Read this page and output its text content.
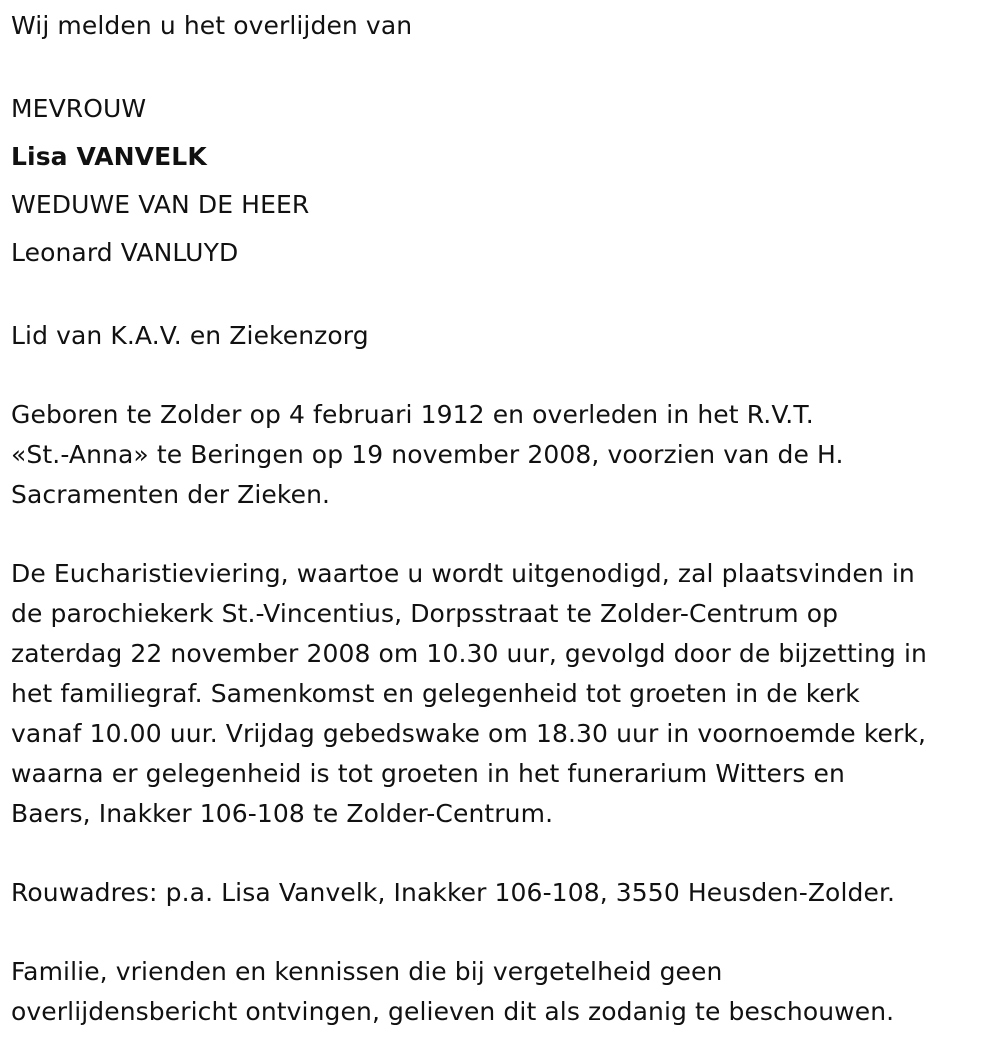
Wij melden u het overlijden van
MEVROUW
Lisa VANVELK
WEDUWE VAN DE HEER
Leonard VANLUYD
Lid van K.A.V. en Ziekenzorg
Geboren te Zolder op 4 februari 1912 en overleden in het R.V.T.
«St.-Anna» te Beringen op 19 november 2008, voorzien van de H.
Sacramenten der Zieken.
De Eucharistieviering, waartoe u wordt uitgenodigd, zal plaatsvinden in
de parochiekerk St.-Vincentius, Dorpsstraat te Zolder-Centrum op
zaterdag 22 november 2008 om 10.30 uur, gevolgd door de bijzetting in
het familiegraf. Samenkomst en gelegenheid tot groeten in de kerk
vanaf 10.00 uur. Vrijdag gebedswake om 18.30 uur in voornoemde kerk,
waarna er gelegenheid is tot groeten in het funerarium Witters en
Baers, Inakker 106-108 te Zolder-Centrum.
Rouwadres: p.a. Lisa Vanvelk, Inakker 106-108, 3550 Heusden-Zolder.
Familie, vrienden en kennissen die bij vergetelheid geen
overlijdensbericht ontvingen, gelieven dit als zodanig te beschouwen.
